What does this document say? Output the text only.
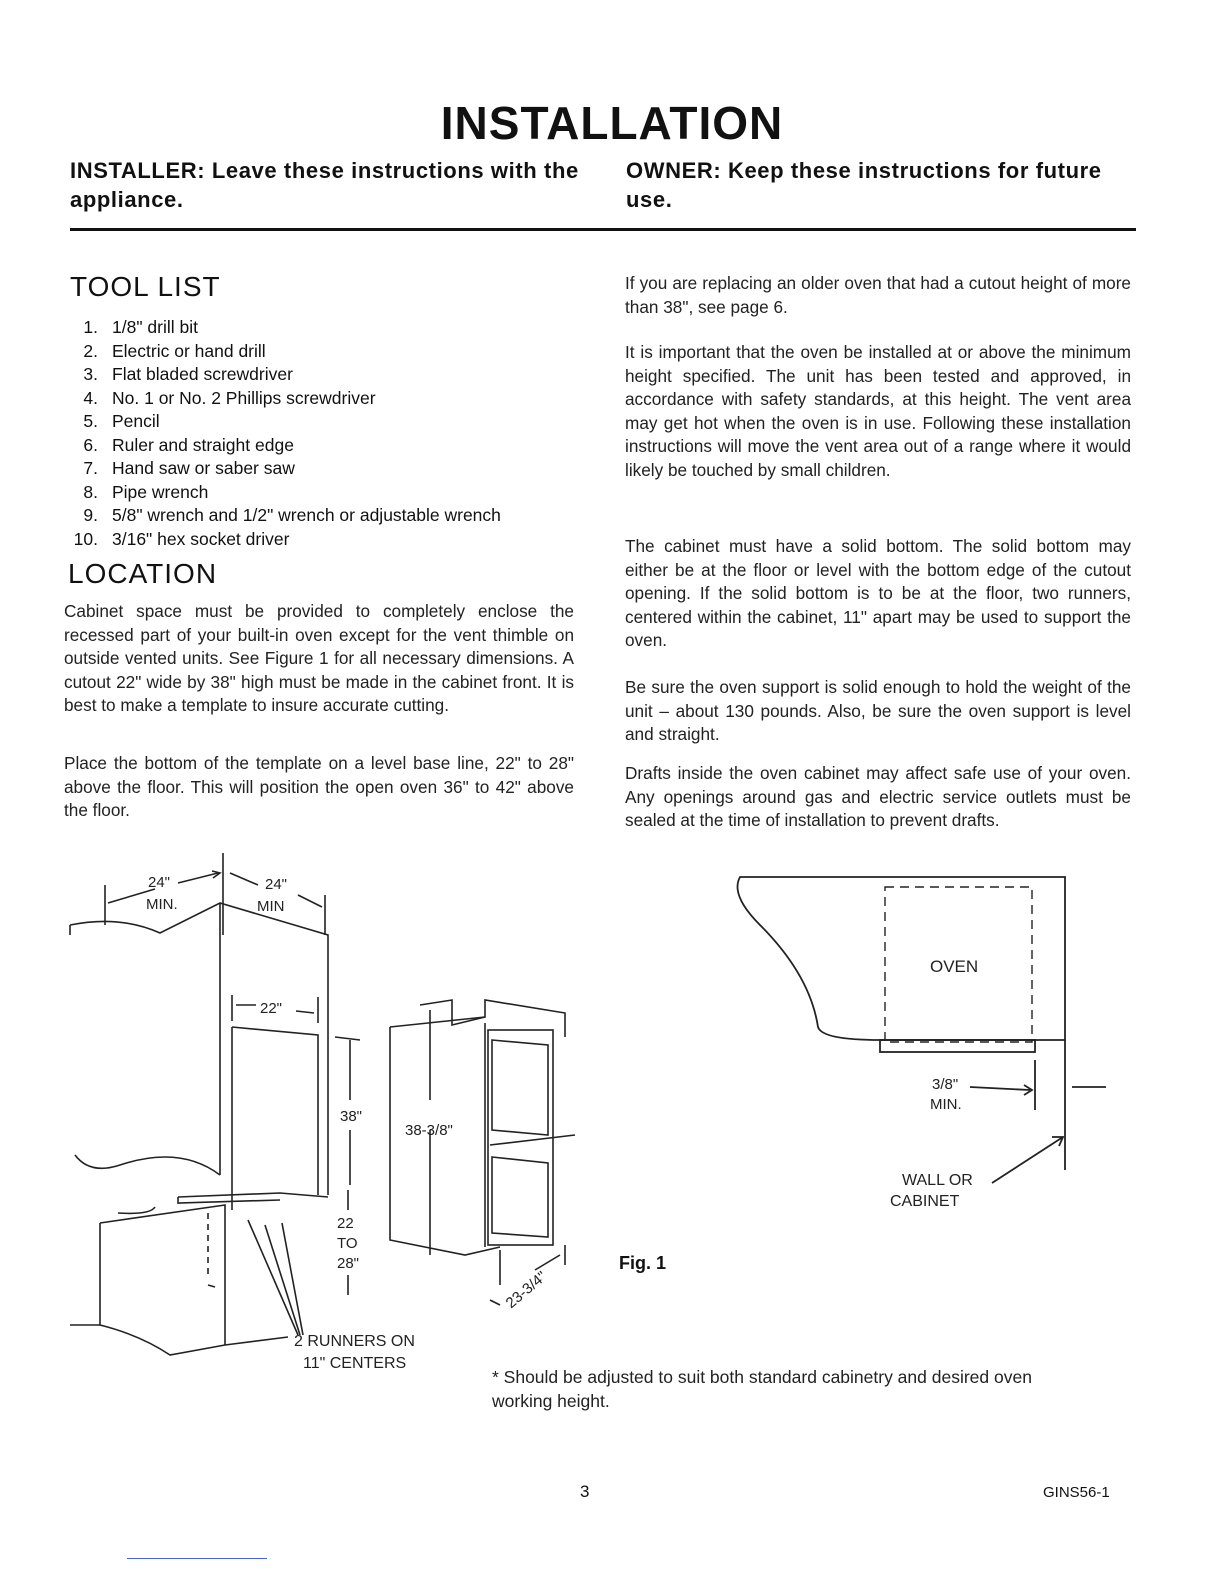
INSTALLATION
INSTALLER: Leave these instructions with the appliance.
OWNER: Keep these instructions for future use.
TOOL LIST
1. 1/8" drill bit
2. Electric or hand drill
3. Flat bladed screwdriver
4. No. 1 or No. 2 Phillips screwdriver
5. Pencil
6. Ruler and straight edge
7. Hand saw or saber saw
8. Pipe wrench
9. 5/8" wrench and 1/2" wrench or adjustable wrench
10. 3/16" hex socket driver
LOCATION
Cabinet space must be provided to completely enclose the recessed part of your built-in oven except for the vent thimble on outside vented units. See Figure 1 for all necessary dimensions. A cutout 22" wide by 38" high must be made in the cabinet front. It is best to make a template to insure accurate cutting.
Place the bottom of the template on a level base line, 22" to 28" above the floor. This will position the open oven 36" to 42" above the floor.
If you are replacing an older oven that had a cutout height of more than 38", see page 6.
It is important that the oven be installed at or above the minimum height specified. The unit has been tested and approved, in accordance with safety standards, at this height. The vent area may get hot when the oven is in use. Following these installation instructions will move the vent area out of a range where it would likely be touched by small children.
The cabinet must have a solid bottom. The solid bottom may either be at the floor or level with the bottom edge of the cutout opening. If the solid bottom is to be at the floor, two runners, centered within the cabinet, 11" apart may be used to support the oven.
Be sure the oven support is solid enough to hold the weight of the unit – about 130 pounds. Also, be sure the oven support is level and straight.
Drafts inside the oven cabinet may affect safe use of your oven. Any openings around gas and electric service outlets must be sealed at the time of installation to prevent drafts.
24"
MIN.
24"
MIN
22"
38"
38-3/8"
22
TO
28"
23-3/4"
2 RUNNERS ON
11" CENTERS
OVEN
3/8"
MIN.
WALL OR
CABINET
Fig. 1
* Should be adjusted to suit both standard cabinetry and desired oven working height.
3	GINS56-1
